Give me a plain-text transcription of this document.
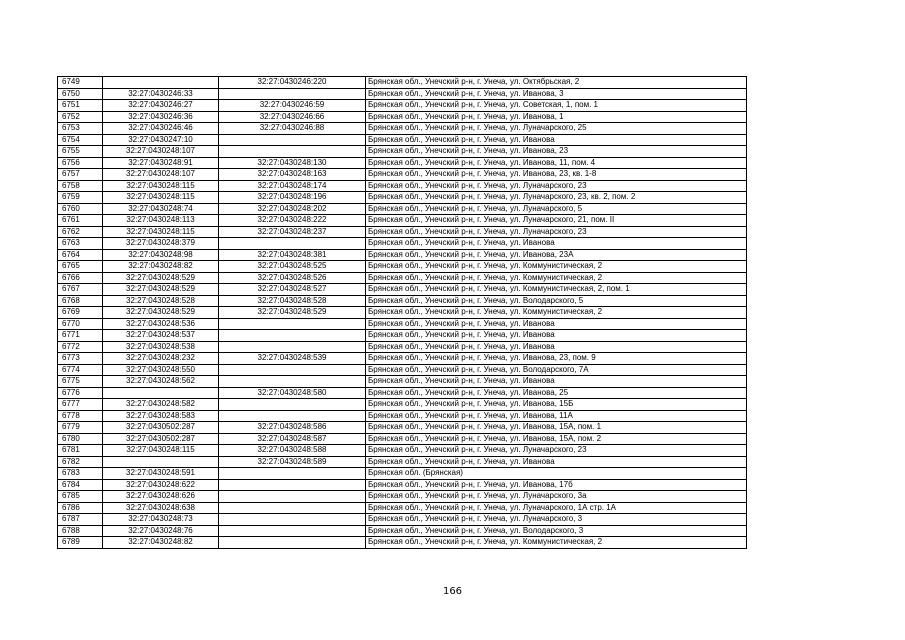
6749		32:27:0430246:220	Брянская обл., Унечский р-н, г. Унеча, ул. Октябрьская, 2
6750	32:27:0430246:33		Брянская обл., Унечский р-н, г. Унеча, ул. Иванова, 3
6751	32:27:0430246:27	32:27:0430246:59	Брянская обл., Унечский р-н, г. Унеча, ул. Советская, 1, пом. 1
6752	32:27:0430246:36	32:27:0430246:66	Брянская обл., Унечский р-н, г. Унеча, ул. Иванова, 1
6753	32:27:0430246:46	32:27:0430246:88	Брянская обл., Унечский р-н, г. Унеча, ул. Луначарского, 25
6754	32:27:0430247:10		Брянская обл., Унечский р-н, г. Унеча, ул. Иванова
6755	32:27:0430248:107		Брянская обл., Унечский р-н, г. Унеча, ул. Иванова, 23
6756	32:27:0430248:91	32:27:0430248:130	Брянская обл., Унечский р-н, г. Унеча, ул. Иванова, 11, пом. 4
6757	32:27:0430248:107	32:27:0430248:163	Брянская обл., Унечский р-н, г. Унеча, ул. Иванова, 23, кв. 1-8
6758	32:27:0430248:115	32:27:0430248:174	Брянская обл., Унечский р-н, г. Унеча, ул. Луначарского, 23
6759	32:27:0430248:115	32:27:0430248:196	Брянская обл., Унечский р-н, г. Унеча, ул. Луначарского, 23, кв. 2, пом. 2
6760	32:27:0430248:74	32:27:0430248:202	Брянская обл., Унечский р-н, г. Унеча, ул. Луначарского, 5
6761	32:27:0430248:113	32:27:0430248:222	Брянская обл., Унечский р-н, г. Унеча, ул. Луначарского, 21, пом. II
6762	32:27:0430248:115	32:27:0430248:237	Брянская обл., Унечский р-н, г. Унеча, ул. Луначарского, 23
6763	32:27:0430248:379		Брянская обл., Унечский р-н, г. Унеча, ул. Иванова
6764	32:27:0430248:98	32:27:0430248:381	Брянская обл., Унечский р-н, г. Унеча, ул. Иванова, 23А
6765	32:27:0430248:82	32:27:0430248:525	Брянская обл., Унечский р-н, г. Унеча, ул. Коммунистическая, 2
6766	32:27:0430248:529	32:27:0430248:526	Брянская обл., Унечский р-н, г. Унеча, ул. Коммунистическая, 2
6767	32:27:0430248:529	32:27:0430248:527	Брянская обл., Унечский р-н, г. Унеча, ул. Коммунистическая, 2, пом. 1
6768	32:27:0430248:528	32:27:0430248:528	Брянская обл., Унечский р-н, г. Унеча, ул. Володарского, 5
6769	32:27:0430248:529	32:27:0430248:529	Брянская обл., Унечский р-н, г. Унеча, ул. Коммунистическая, 2
6770	32:27:0430248:536		Брянская обл., Унечский р-н, г. Унеча, ул. Иванова
6771	32:27:0430248:537		Брянская обл., Унечский р-н, г. Унеча, ул. Иванова
6772	32:27:0430248:538		Брянская обл., Унечский р-н, г. Унеча, ул. Иванова
6773	32:27:0430248:232	32:27:0430248:539	Брянская обл., Унечский р-н, г. Унеча, ул. Иванова, 23, пом. 9
6774	32:27:0430248:550		Брянская обл., Унечский р-н, г. Унеча, ул. Володарского, 7А
6775	32:27:0430248:562		Брянская обл., Унечский р-н, г. Унеча, ул. Иванова
6776		32:27:0430248:580	Брянская обл., Унечский р-н, г. Унеча, ул. Иванова, 25
6777	32:27:0430248:582		Брянская обл., Унечский р-н, г. Унеча, ул. Иванова, 15Б
6778	32:27:0430248:583		Брянская обл., Унечский р-н, г. Унеча, ул. Иванова, 11А
6779	32:27:0430502:287	32:27:0430248:586	Брянская обл., Унечский р-н, г. Унеча, ул. Иванова, 15А, пом. 1
6780	32:27:0430502:287	32:27:0430248:587	Брянская обл., Унечский р-н, г. Унеча, ул. Иванова, 15А, пом. 2
6781	32:27:0430248:115	32:27:0430248:588	Брянская обл., Унечский р-н, г. Унеча, ул. Луначарского, 23
6782		32:27:0430248:589	Брянская обл., Унечский р-н, г. Унеча, ул. Иванова
6783	32:27:0430248:591		Брянская обл. (Брянская)
6784	32:27:0430248:622		Брянская обл., Унечский р-н, г. Унеча, ул. Иванова, 17б
6785	32:27:0430248:626		Брянская обл., Унечский р-н, г. Унеча, ул. Луначарского, 3а
6786	32:27:0430248:638		Брянская обл., Унечский р-н, г. Унеча, ул. Луначарского, 1А стр. 1А
6787	32:27:0430248:73		Брянская обл., Унечский р-н, г. Унеча, ул. Луначарского, 3
6788	32:27:0430248:76		Брянская обл., Унечский р-н, г. Унеча, ул. Володарского, 3
6789	32:27:0430248:82		Брянская обл., Унечский р-н, г. Унеча, ул. Коммунистическая, 2
166
